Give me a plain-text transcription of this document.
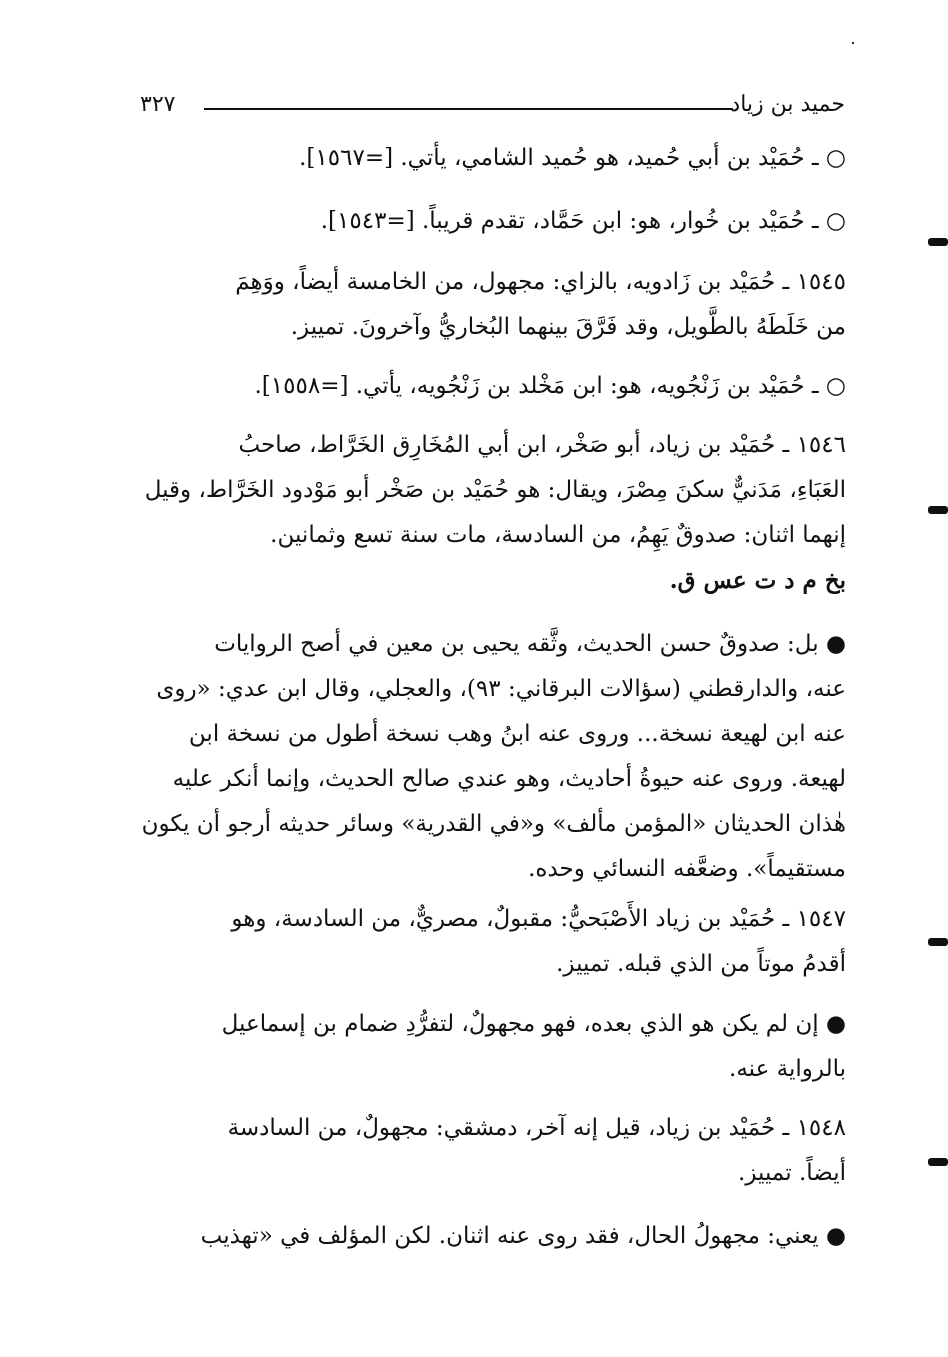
حميد بن زياد
٣٢٧
○ ـ حُمَيْد بن أبي حُميد، هو حُميد الشامي، يأتي. [=١٥٦٧].
○ ـ حُمَيْد بن خُوار، هو: ابن حَمَّاد، تقدم قريباً. [=١٥٤٣].
١٥٤٥ ـ حُمَيْد بن زَادويه، بالزاي: مجهول، من الخامسة أيضاً، ووَهِمَ
من خَلَطَهُ بالطَّويل، وقد فَرَّقَ بينهما البُخاريُّ وآخرونَ. تمييز.
○ ـ حُمَيْد بن زَنْجُويه، هو: ابن مَخْلد بن زَنْجُويه، يأتي. [=١٥٥٨].
١٥٤٦ ـ حُمَيْد بن زياد، أبو صَخْر، ابن أبي المُخَارِق الخَرَّاط، صاحبُ
العَبَاءِ، مَدَنيٌّ سكنَ مِصْرَ، ويقال: هو حُمَيْد بن صَخْر أبو مَوْدود الخَرَّاط، وقيل
إنهما اثنان: صدوقٌ يَهِمُ، من السادسة، مات سنة تسع وثمانين.
بخ م د ت عس ق.
● بل: صدوقٌ حسن الحديث، وثَّقه يحيى بن معين في أصح الروايات
عنه، والدارقطني (سؤالات البرقاني: ٩٣)، والعجلي، وقال ابن عدي: «روى
عنه ابن لهيعة نسخة... وروى عنه ابنُ وهب نسخة أطول من نسخة ابن
لهيعة. وروى عنه حيوةُ أحاديث، وهو عندي صالح الحديث، وإنما أنكر عليه
هٰذان الحديثان «المؤمن مألف» و«في القدرية» وسائر حديثه أرجو أن يكون
مستقيماً». وضعَّفه النسائي وحده.
١٥٤٧ ـ حُمَيْد بن زياد الأَصْبَحيُّ: مقبولٌ، مصريٌّ، من السادسة، وهو
أقدمُ موتاً من الذي قبله. تمييز.
● إن لم يكن هو الذي بعده، فهو مجهولٌ، لتفرُّدِ ضمام بن إسماعيل
بالرواية عنه.
١٥٤٨ ـ حُمَيْد بن زياد، قيل إنه آخر، دمشقي: مجهولٌ، من السادسة
أيضاً. تمييز.
● يعني: مجهولُ الحال، فقد روى عنه اثنان. لكن المؤلف في «تهذيب
